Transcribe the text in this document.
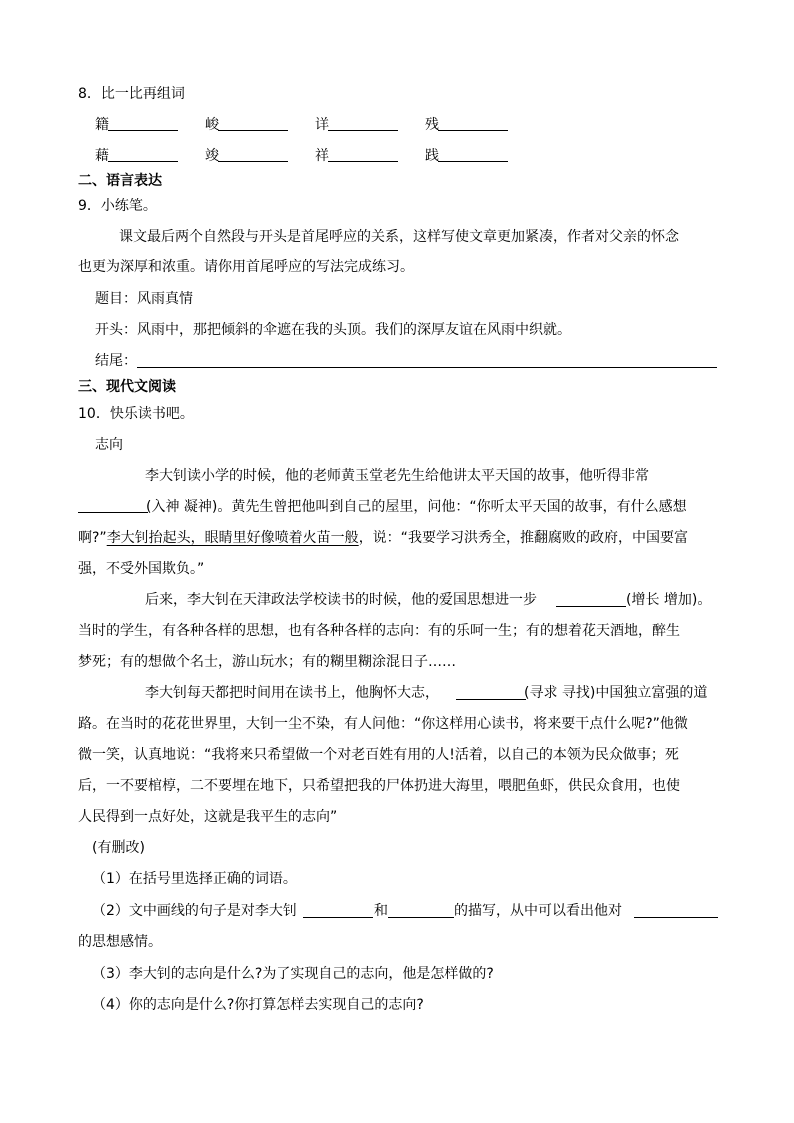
8．比一比再组词
籍	峻	详	残
藉	竣	祥	践
二、语言表达
9．小练笔。
课文最后两个自然段与开头是首尾呼应的关系，这样写使文章更加紧凑，作者对父亲的怀念
也更为深厚和浓重。请你用首尾呼应的写法完成练习。
题目：风雨真情
开头：风雨中，那把倾斜的伞遮在我的头顶。我们的深厚友谊在风雨中织就。
结尾：
三、现代文阅读
10．快乐读书吧。
志向
李大钊读小学的时候，他的老师黄玉堂老先生给他讲太平天国的故事，他听得非常
(入神 凝神)。黄先生曾把他叫到自己的屋里，问他：“你听太平天国的故事，有什么感想
啊?”李大钊抬起头，眼睛里好像喷着火苗一般，说：“我要学习洪秀全，推翻腐败的政府，中国要富
强，不受外国欺负。”
后来，李大钊在天津政法学校读书的时候，他的爱国思想进一步	(增长 增加)。
当时的学生，有各种各样的思想，也有各种各样的志向：有的乐呵一生；有的想着花天酒地，醉生
梦死；有的想做个名士，游山玩水；有的糊里糊涂混日子……
李大钊每天都把时间用在读书上，他胸怀大志，	(寻求 寻找)中国独立富强的道
路。在当时的花花世界里，大钊一尘不染，有人问他：“你这样用心读书，将来要干点什么呢?”他微
微一笑，认真地说：“我将来只希望做一个对老百姓有用的人!活着，以自己的本领为民众做事；死
后，一不要棺椁，二不要埋在地下，只希望把我的尸体扔进大海里，喂肥鱼虾，供民众食用，也使
人民得到一点好处，这就是我平生的志向”
(有删改)
（1）在括号里选择正确的词语。
（2）文中画线的句子是对李大钊	和	的描写，从中可以看出他对
的思想感情。
（3）李大钊的志向是什么?为了实现自己的志向，他是怎样做的?
（4）你的志向是什么?你打算怎样去实现自己的志向?
